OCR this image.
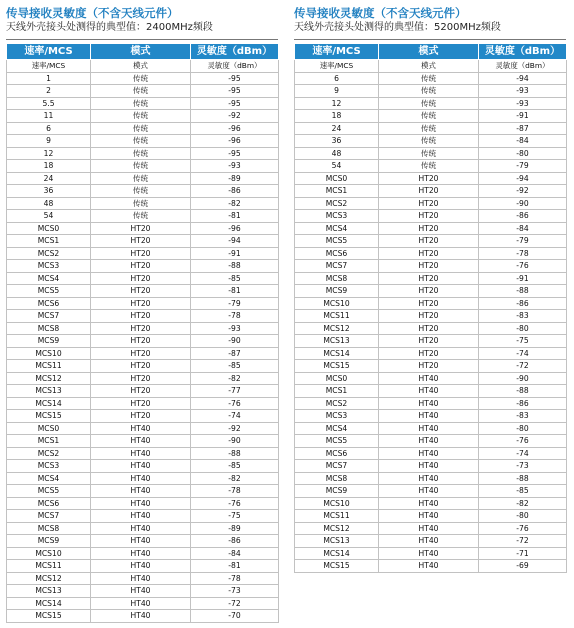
传导接收灵敏度（不含天线元件）
天线外壳接头处测得的典型值：2400MHz频段
速率/MCS	模式	灵敏度（dBm）
速率/MCS	模式	灵敏度（dBm）
1	传统	-95
2	传统	-95
5.5	传统	-95
11	传统	-92
6	传统	-96
9	传统	-96
12	传统	-95
18	传统	-93
24	传统	-89
36	传统	-86
48	传统	-82
54	传统	-81
MCS0	HT20	-96
MCS1	HT20	-94
MCS2	HT20	-91
MCS3	HT20	-88
MCS4	HT20	-85
MCS5	HT20	-81
MCS6	HT20	-79
MCS7	HT20	-78
MCS8	HT20	-93
MCS9	HT20	-90
MCS10	HT20	-87
MCS11	HT20	-85
MCS12	HT20	-82
MCS13	HT20	-77
MCS14	HT20	-76
MCS15	HT20	-74
MCS0	HT40	-92
MCS1	HT40	-90
MCS2	HT40	-88
MCS3	HT40	-85
MCS4	HT40	-82
MCS5	HT40	-78
MCS6	HT40	-76
MCS7	HT40	-75
MCS8	HT40	-89
MCS9	HT40	-86
MCS10	HT40	-84
MCS11	HT40	-81
MCS12	HT40	-78
MCS13	HT40	-73
MCS14	HT40	-72
MCS15	HT40	-70
传导接收灵敏度（不含天线元件）
天线外壳接头处测得的典型值：5200MHz频段
速率/MCS	模式	灵敏度（dBm）
速率/MCS	模式	灵敏度（dBm）
6	传统	-94
9	传统	-93
12	传统	-93
18	传统	-91
24	传统	-87
36	传统	-84
48	传统	-80
54	传统	-79
MCS0	HT20	-94
MCS1	HT20	-92
MCS2	HT20	-90
MCS3	HT20	-86
MCS4	HT20	-84
MCS5	HT20	-79
MCS6	HT20	-78
MCS7	HT20	-76
MCS8	HT20	-91
MCS9	HT20	-88
MCS10	HT20	-86
MCS11	HT20	-83
MCS12	HT20	-80
MCS13	HT20	-75
MCS14	HT20	-74
MCS15	HT20	-72
MCS0	HT40	-90
MCS1	HT40	-88
MCS2	HT40	-86
MCS3	HT40	-83
MCS4	HT40	-80
MCS5	HT40	-76
MCS6	HT40	-74
MCS7	HT40	-73
MCS8	HT40	-88
MCS9	HT40	-85
MCS10	HT40	-82
MCS11	HT40	-80
MCS12	HT40	-76
MCS13	HT40	-72
MCS14	HT40	-71
MCS15	HT40	-69
